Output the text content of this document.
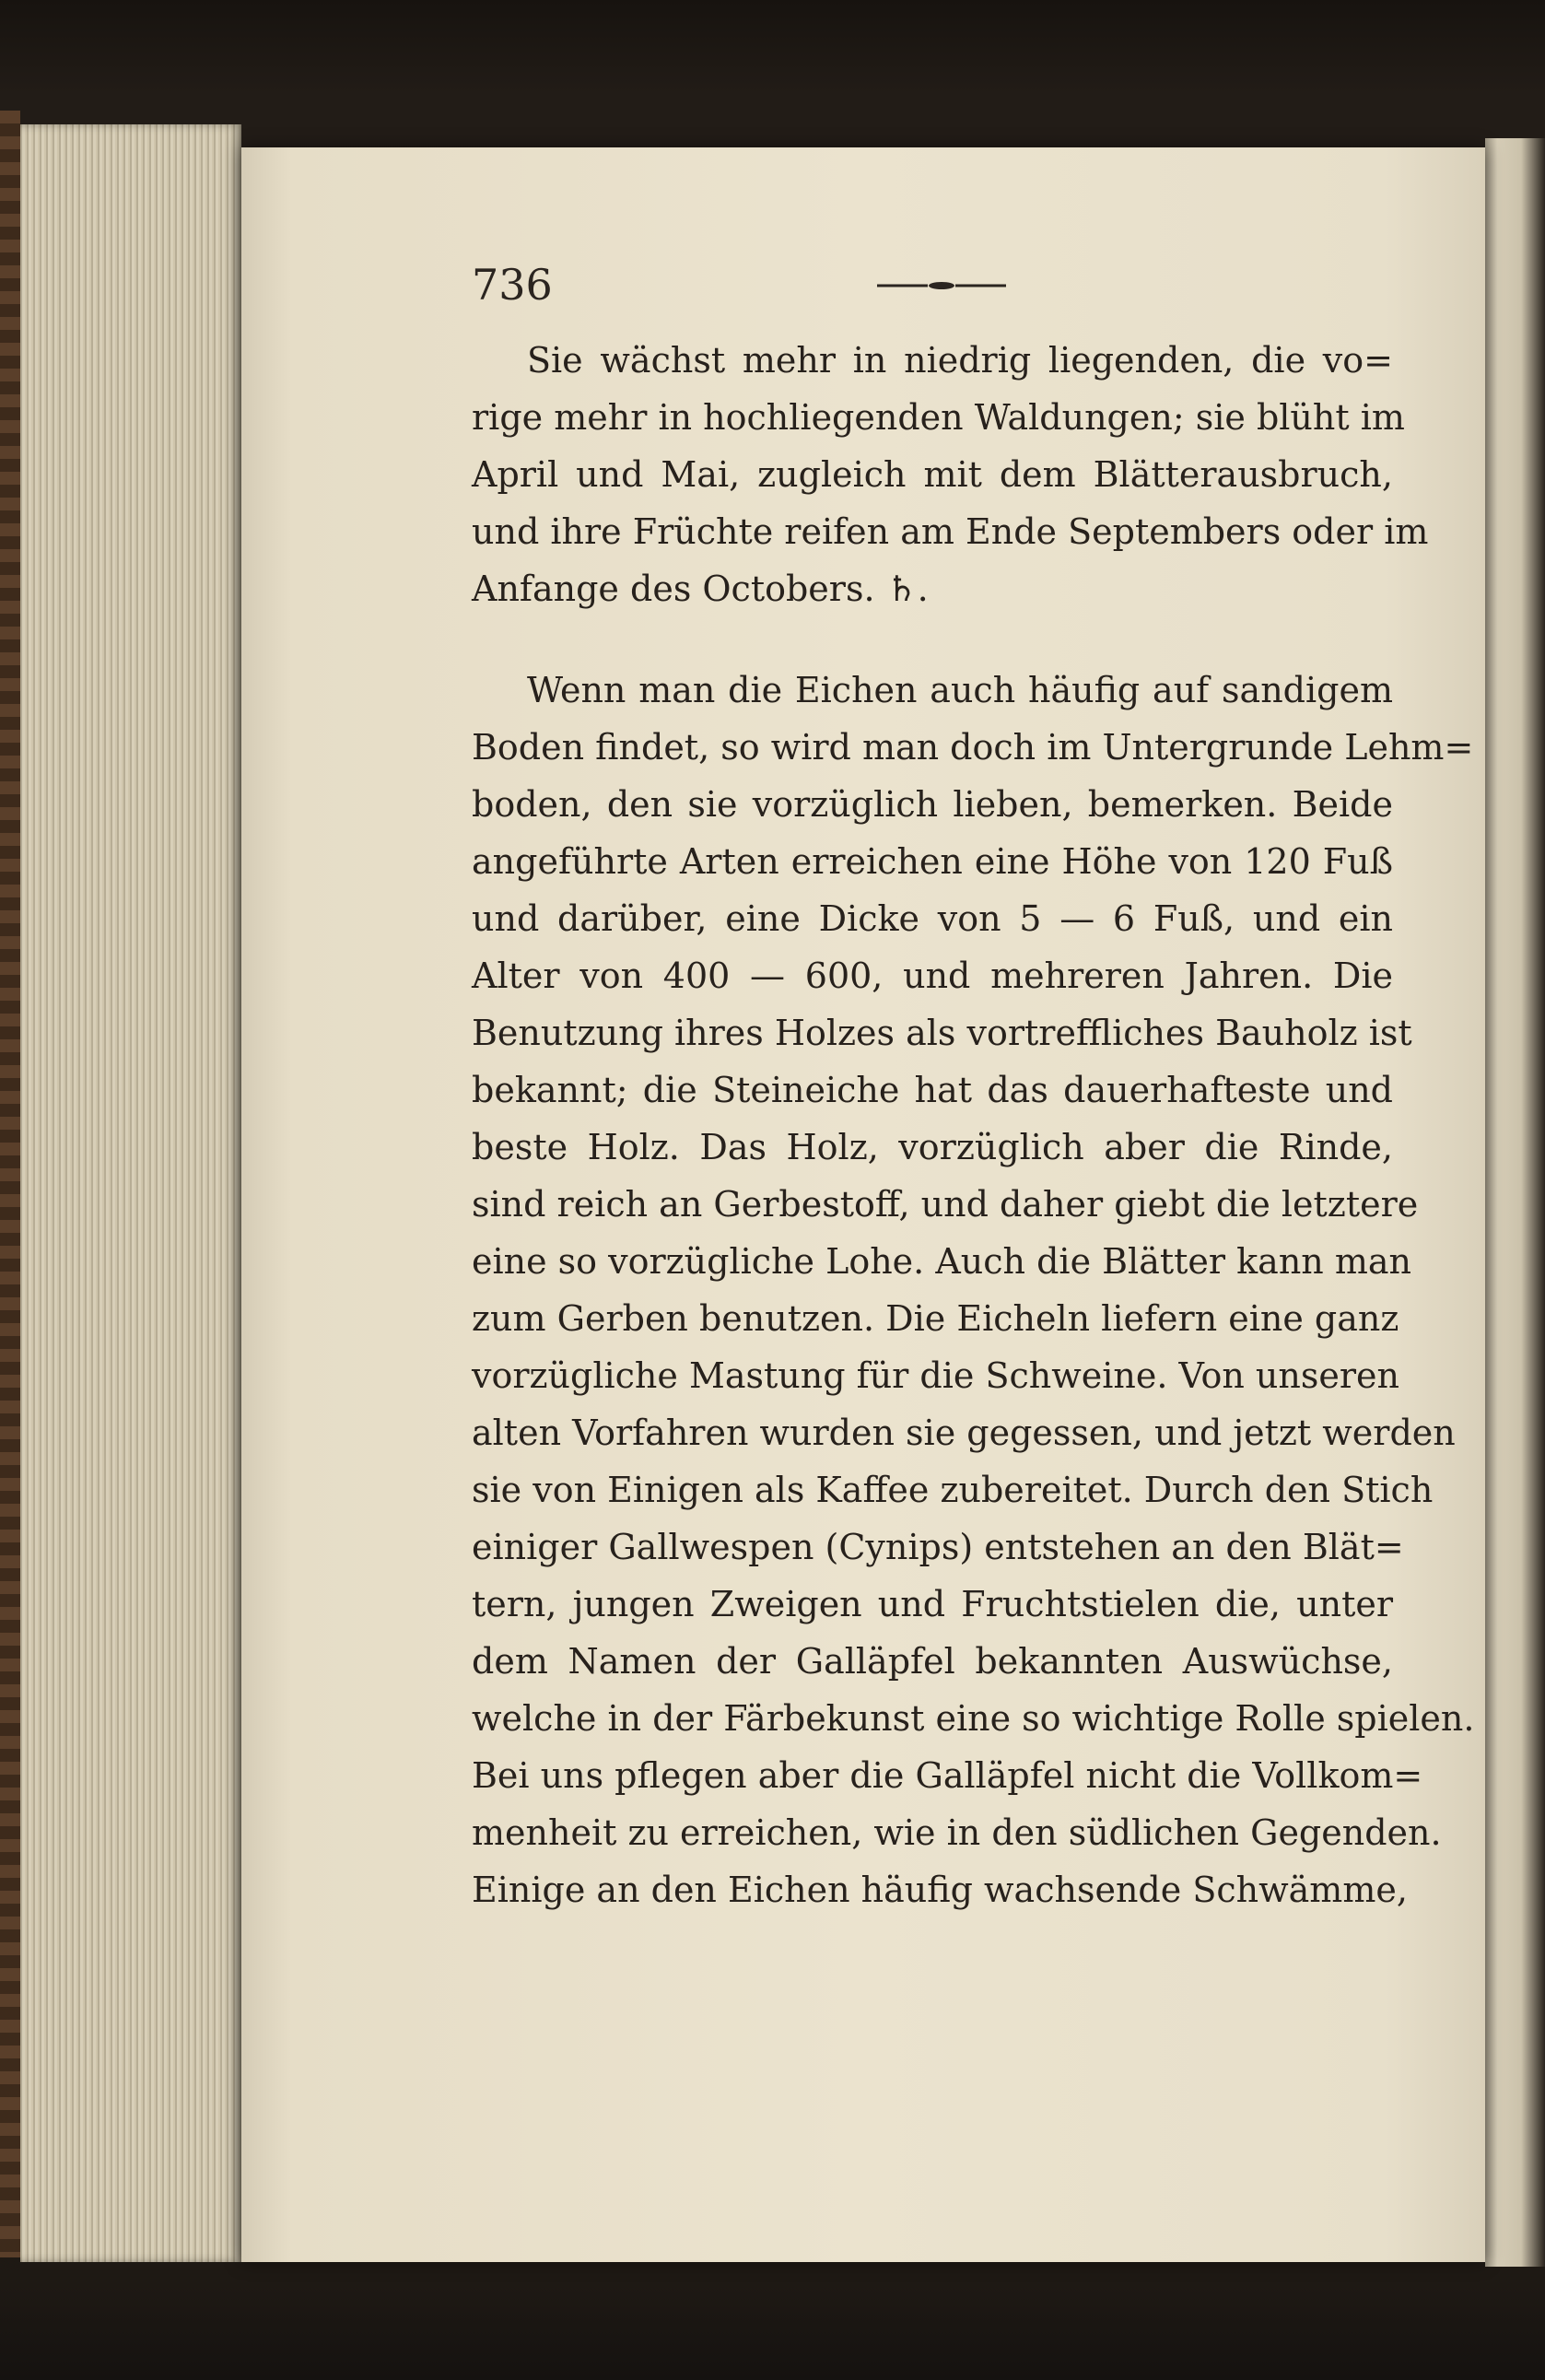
736
Sie wächst mehr in niedrig liegenden, die vo=
rige mehr in hochliegenden Waldungen; sie blüht im
April und Mai, zugleich mit dem Blätterausbruch,
und ihre Früchte reifen am Ende Septembers oder im
Anfange des Octobers. ♄.
Wenn man die Eichen auch häufig auf sandigem
Boden findet, so wird man doch im Untergrunde Lehm=
boden, den sie vorzüglich lieben, bemerken. Beide
angeführte Arten erreichen eine Höhe von 120 Fuß
und darüber, eine Dicke von 5 — 6 Fuß, und ein
Alter von 400 — 600, und mehreren Jahren. Die
Benutzung ihres Holzes als vortreffliches Bauholz ist
bekannt; die Steineiche hat das dauerhafteste und
beste Holz. Das Holz, vorzüglich aber die Rinde,
sind reich an Gerbestoff, und daher giebt die letztere
eine so vorzügliche Lohe. Auch die Blätter kann man
zum Gerben benutzen. Die Eicheln liefern eine ganz
vorzügliche Mastung für die Schweine. Von unseren
alten Vorfahren wurden sie gegessen, und jetzt werden
sie von Einigen als Kaffee zubereitet. Durch den Stich
einiger Gallwespen (Cynips) entstehen an den Blät=
tern, jungen Zweigen und Fruchtstielen die, unter
dem Namen der Galläpfel bekannten Auswüchse,
welche in der Färbekunst eine so wichtige Rolle spielen.
Bei uns pflegen aber die Galläpfel nicht die Vollkom=
menheit zu erreichen, wie in den südlichen Gegenden.
Einige an den Eichen häufig wachsende Schwämme,
